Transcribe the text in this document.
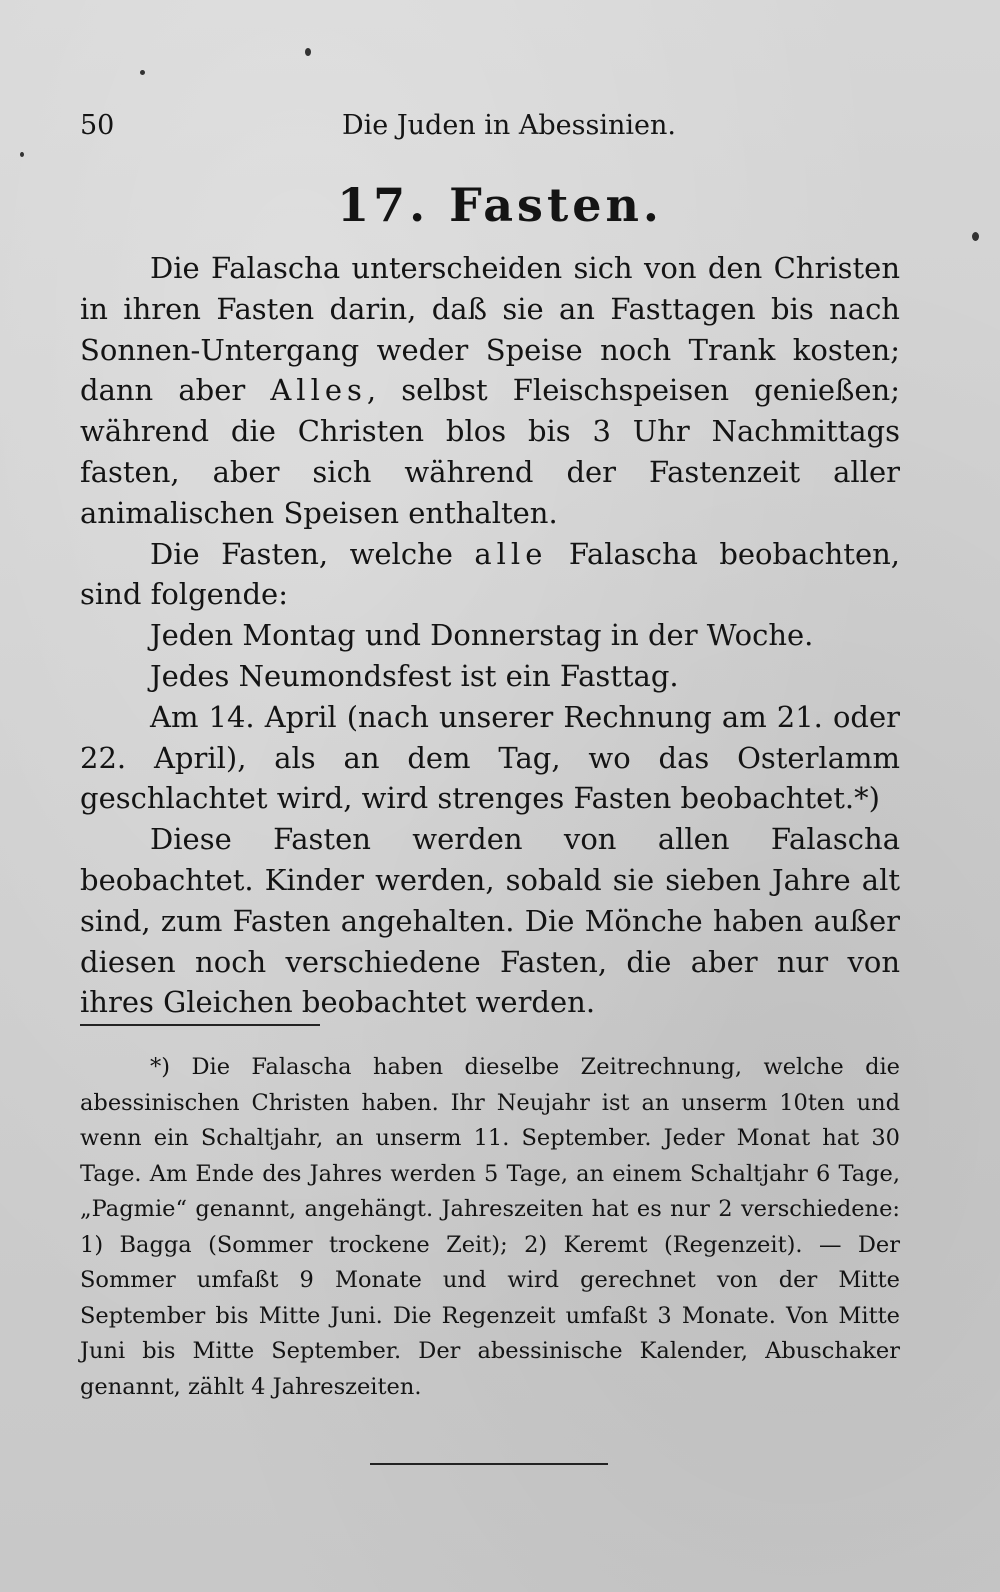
50	Die Juden in Abessinien.
17. Fasten.

Die Falascha unterscheiden sich von den Christen in ihren Fasten darin, daß sie an Fasttagen bis nach Sonnen-Untergang weder Speise noch Trank kosten; dann aber Alles, selbst Fleischspeisen genießen; während die Christen blos bis 3 Uhr Nachmittags fasten, aber sich während der Fastenzeit aller animalischen Speisen enthalten.

Die Fasten, welche alle Falascha beobachten, sind folgende:

Jeden Montag und Donnerstag in der Woche.

Jedes Neumondsfest ist ein Fasttag.

Am 14. April (nach unserer Rechnung am 21. oder 22. April), als an dem Tag, wo das Osterlamm geschlachtet wird, wird strenges Fasten beobachtet.*)

Diese Fasten werden von allen Falascha beobachtet. Kinder werden, sobald sie sieben Jahre alt sind, zum Fasten angehalten. Die Mönche haben außer diesen noch verschiedene Fasten, die aber nur von ihres Gleichen beobachtet werden.

*) Die Falascha haben dieselbe Zeitrechnung, welche die abessinischen Christen haben. Ihr Neujahr ist an unserm 10ten und wenn ein Schaltjahr, an unserm 11. September. Jeder Monat hat 30 Tage. Am Ende des Jahres werden 5 Tage, an einem Schaltjahr 6 Tage, „Pagmie“ genannt, angehängt. Jahreszeiten hat es nur 2 verschiedene: 1) Bagga (Sommer trockene Zeit); 2) Keremt (Regenzeit). — Der Sommer umfaßt 9 Monate und wird gerechnet von der Mitte September bis Mitte Juni. Die Regenzeit umfaßt 3 Monate. Von Mitte Juni bis Mitte September. Der abessinische Kalender, Abuschaker genannt, zählt 4 Jahreszeiten.
